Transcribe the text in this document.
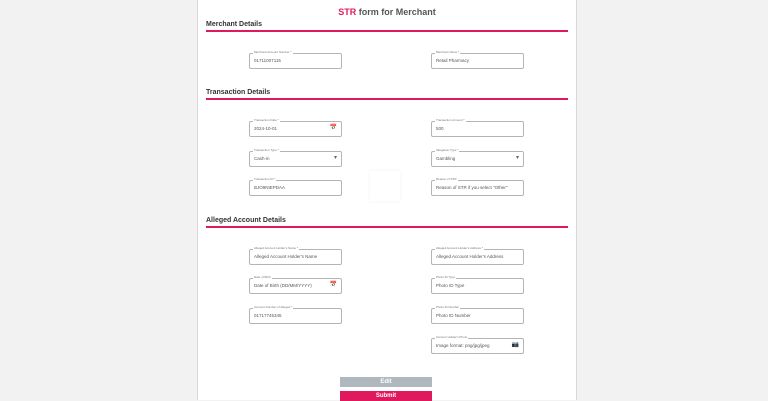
STR form for Merchant
Merchant Details
Merchant Account Number *
01711007115
Merchant Name *
Retail Pharmacy
Transaction Details
Transaction Date *
2024-10-01	📅
Transaction Amount *
500
Transaction Type *
Cash-in	▾
Allegation Type *
Gambling	▾
Transaction ID *
BJO9NIEPDAA
Reason of STR
Reason of STR if you select "Other"
Alleged Account Details
Alleged Account Holder's Name *
Alleged Account Holder's Name
Alleged Account Holder's Address *
Alleged Account Holder's Address
Date of Birth
Date of Birth (DD/MM/YYYY)	📅
Photo ID Type
Photo ID Type
Account Number of Alleged *
01717745345
Photo ID Number
Photo ID Number
Account Holder's Photo
Image format: png/jpg/jpeg	📷
Edit
Submit
